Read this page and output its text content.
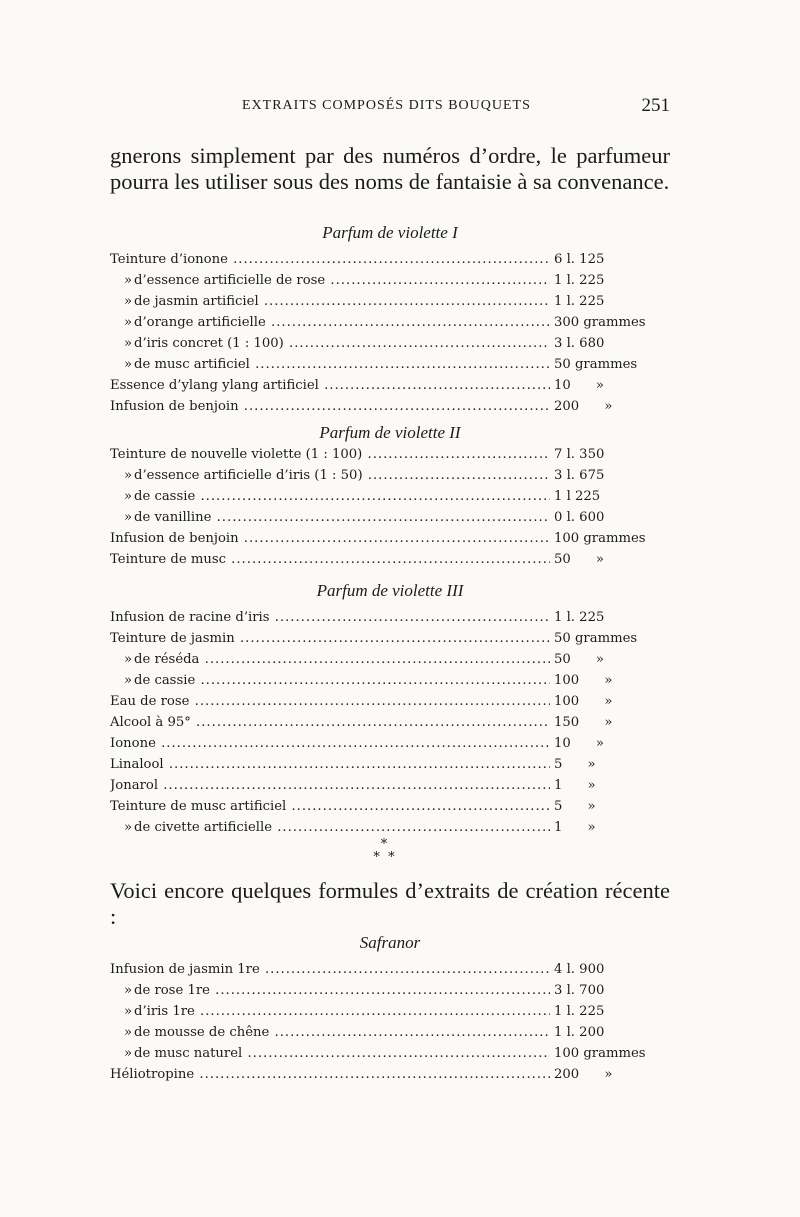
EXTRAITS COMPOSÉS DITS BOUQUETS	251

gnerons simplement par des numéros d’ordre, le parfumeur pourra les utiliser sous des noms de fantaisie à sa convenance.

Parfum de violette I
Teinture d’ionone .....	6 l. 125
» d’essence artificielle de rose .....	1 l. 225
» de jasmin artificiel .....	1 l. 225
» d’orange artificielle .....	300 grammes
» d’iris concret (1 : 100) .....	3 l. 680
» de musc artificiel .....	50 grammes
Essence d’ylang ylang artificiel .....	10      »
Infusion de benjoin .....	200      »
Parfum de violette II
Teinture de nouvelle violette (1 : 100) .....	7 l. 350
» d’essence artificielle d’iris (1 : 50) .....	3 l. 675
» de cassie .....	1 l 225
» de vanilline .....	0 l. 600
Infusion de benjoin .....	100 grammes
Teinture de musc .....	50      »
Parfum de violette III
Infusion de racine d’iris .....	1 l. 225
Teinture de jasmin .....	50 grammes
» de réséda .....	50      »
» de cassie .....	100      »
Eau de rose .....	100      »
Alcool à 95° .....	150      »
Ionone .....	10      »
Linalool .....	5      »
Jonarol .....	1      »
Teinture de musc artificiel .....	5      »
» de civette artificielle .....	1      »
*
*  *

Voici encore quelques formules d’extraits de création récente :

Safranor
Infusion de jasmin 1re .....	4 l. 900
» de rose 1re .....	3 l. 700
» d’iris 1re .....	1 l. 225
» de mousse de chêne .....	1 l. 200
» de musc naturel .....	100 grammes
Héliotropine .....	200      »
